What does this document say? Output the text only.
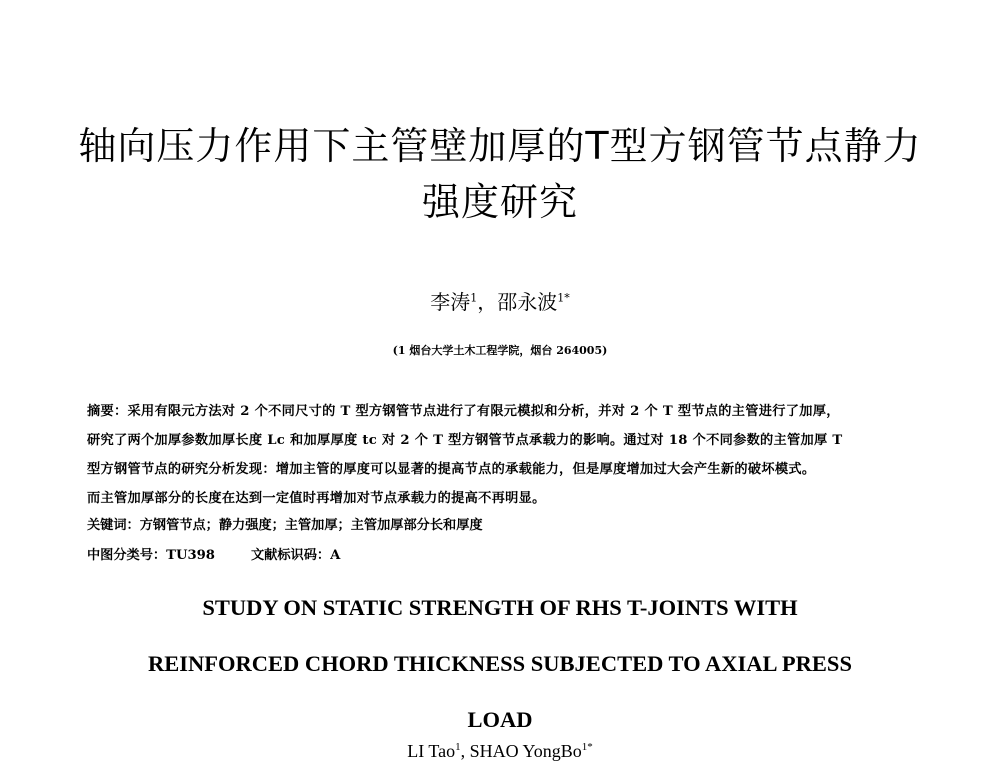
轴向压力作用下主管壁加厚的T型方钢管节点静力
强度研究
李涛$^1$，邵永波$^{1*}$
(1 烟台大学土木工程学院，烟台 264005)
摘要：采用有限元方法对 2 个不同尺寸的 T 型方钢管节点进行了有限元模拟和分析，并对 2 个 T 型节点的主管进行了加厚，
研究了两个加厚参数加厚长度 Lc 和加厚厚度 tc 对 2 个 T 型方钢管节点承载力的影响。通过对 18 个不同参数的主管加厚 T
型方钢管节点的研究分析发现：增加主管的厚度可以显著的提高节点的承载能力，但是厚度增加过大会产生新的破坏模式。
而主管加厚部分的长度在达到一定值时再增加对节点承载力的提高不再明显。
关键词：方钢管节点；静力强度；主管加厚；主管加厚部分长和厚度
中图分类号：TU398	文献标识码：A
STUDY ON STATIC STRENGTH OF RHS T-JOINTS WITH
REINFORCED CHORD THICKNESS SUBJECTED TO AXIAL PRESS
LOAD
LI Tao$^1$, SHAO YongBo$^{1*}$
